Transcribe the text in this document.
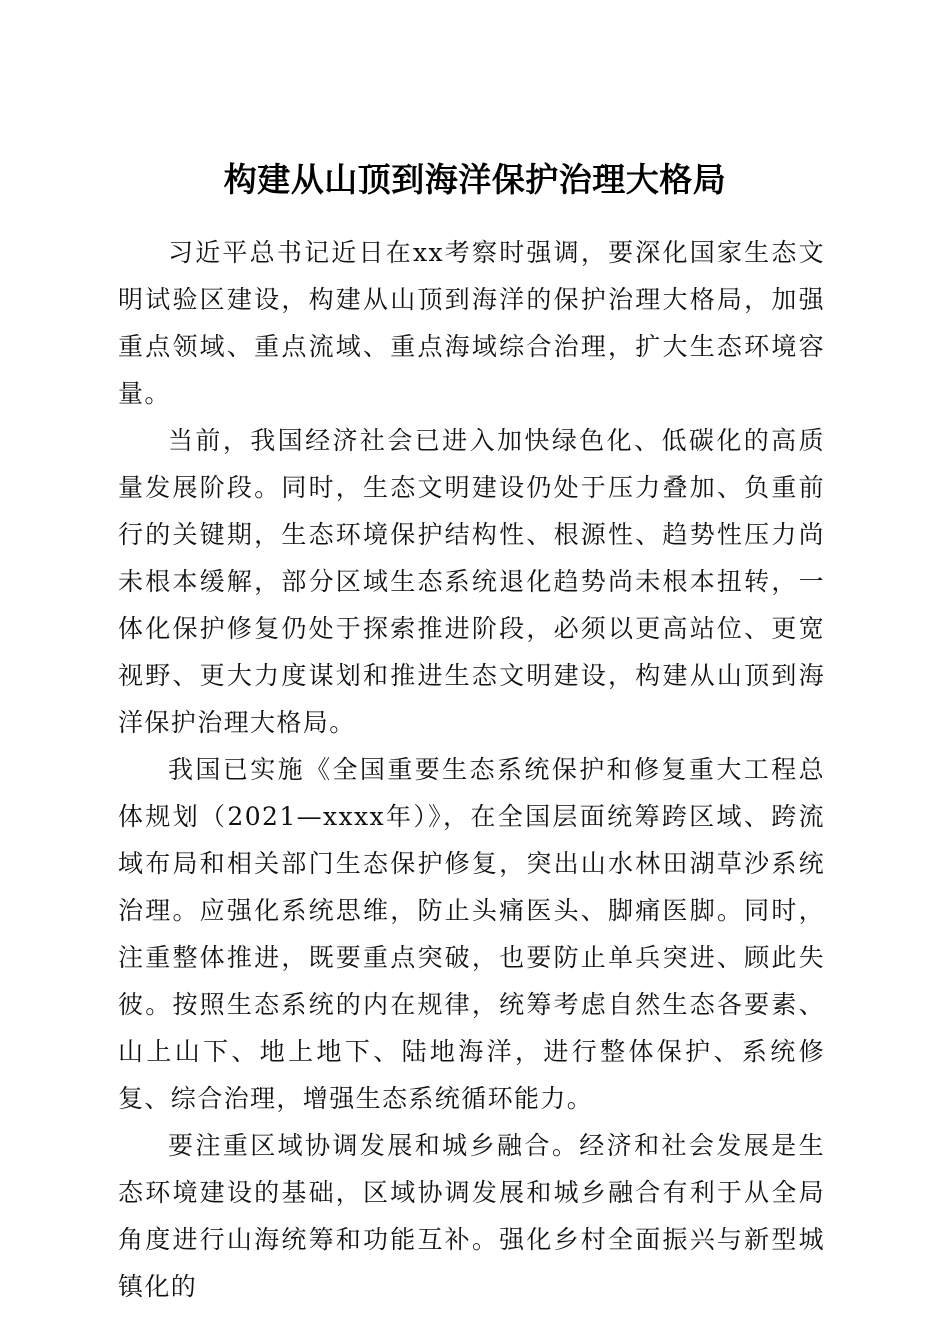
构建从山顶到海洋保护治理大格局

习近平总书记近日在xx考察时强调，要深化国家生态文明试验区建设，构建从山顶到海洋的保护治理大格局，加强重点领域、重点流域、重点海域综合治理，扩大生态环境容量。

当前，我国经济社会已进入加快绿色化、低碳化的高质量发展阶段。同时，生态文明建设仍处于压力叠加、负重前行的关键期，生态环境保护结构性、根源性、趋势性压力尚未根本缓解，部分区域生态系统退化趋势尚未根本扭转，一体化保护修复仍处于探索推进阶段，必须以更高站位、更宽视野、更大力度谋划和推进生态文明建设，构建从山顶到海洋保护治理大格局。

我国已实施《全国重要生态系统保护和修复重大工程总体规划（2021—xxxx年）》，在全国层面统筹跨区域、跨流域布局和相关部门生态保护修复，突出山水林田湖草沙系统治理。应强化系统思维，防止头痛医头、脚痛医脚。同时，注重整体推进，既要重点突破，也要防止单兵突进、顾此失彼。按照生态系统的内在规律，统筹考虑自然生态各要素、山上山下、地上地下、陆地海洋，进行整体保护、系统修复、综合治理，增强生态系统循环能力。

要注重区域协调发展和城乡融合。经济和社会发展是生态环境建设的基础，区域协调发展和城乡融合有利于从全局角度进行山海统筹和功能互补。强化乡村全面振兴与新型城镇化的
